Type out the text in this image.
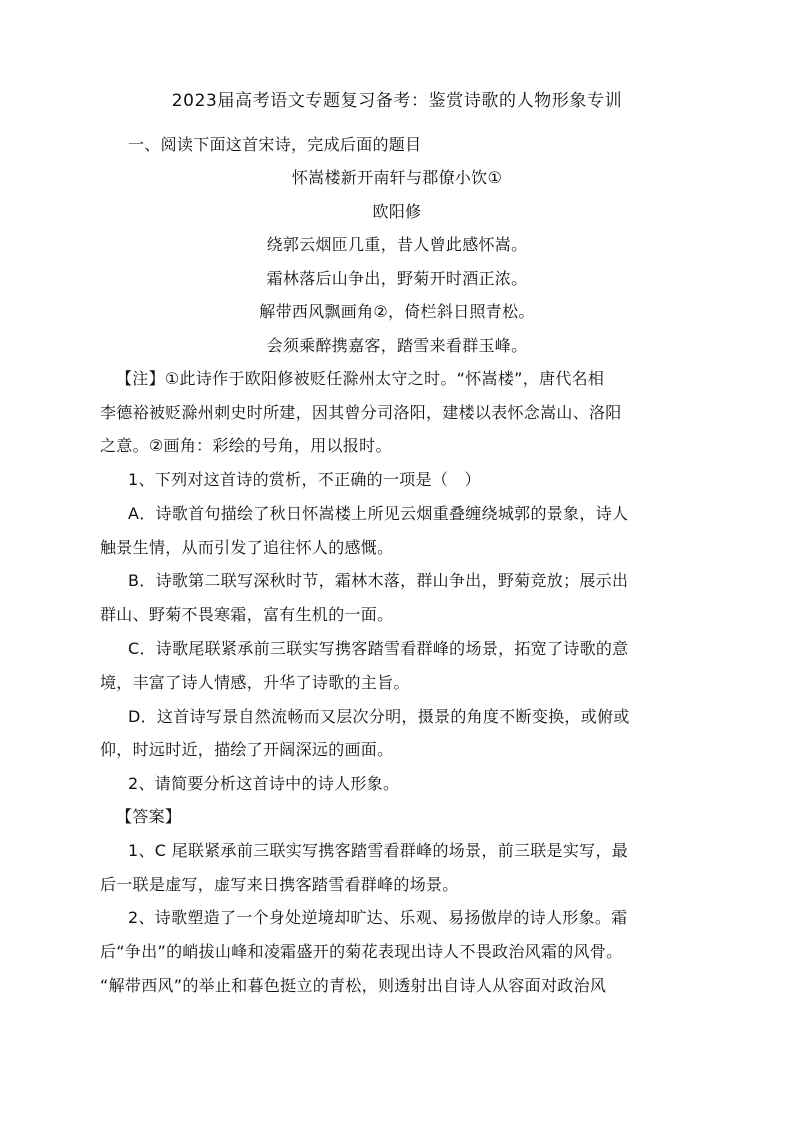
2023届高考语文专题复习备考：鉴赏诗歌的人物形象专训
一、阅读下面这首宋诗，完成后面的题目
怀嵩楼新开南轩与郡僚小饮①
欧阳修
绕郭云烟匝几重，昔人曾此感怀嵩。
霜林落后山争出，野菊开时酒正浓。
解带西风飘画角②，倚栏斜日照青松。
会须乘醉携嘉客，踏雪来看群玉峰。
【注】①此诗作于欧阳修被贬任滁州太守之时。“怀嵩楼”，唐代名相
李德裕被贬滁州刺史时所建，因其曾分司洛阳，建楼以表怀念嵩山、洛阳
之意。②画角：彩绘的号角，用以报时。
1、下列对这首诗的赏析，不正确的一项是（　）
A．诗歌首句描绘了秋日怀嵩楼上所见云烟重叠缠绕城郭的景象，诗人
触景生情，从而引发了追往怀人的感慨。
B．诗歌第二联写深秋时节，霜林木落，群山争出，野菊竞放；展示出
群山、野菊不畏寒霜，富有生机的一面。
C．诗歌尾联紧承前三联实写携客踏雪看群峰的场景，拓宽了诗歌的意
境，丰富了诗人情感，升华了诗歌的主旨。
D．这首诗写景自然流畅而又层次分明，摄景的角度不断变换，或俯或
仰，时远时近，描绘了开阔深远的画面。
2、请简要分析这首诗中的诗人形象。
【答案】
1、C 尾联紧承前三联实写携客踏雪看群峰的场景，前三联是实写，最
后一联是虚写，虚写来日携客踏雪看群峰的场景。
2、诗歌塑造了一个身处逆境却旷达、乐观、易扬傲岸的诗人形象。霜
后“争出”的峭拔山峰和凌霜盛开的菊花表现出诗人不畏政治风霜的风骨。
“解带西风”的举止和暮色挺立的青松，则透射出自诗人从容面对政治风
